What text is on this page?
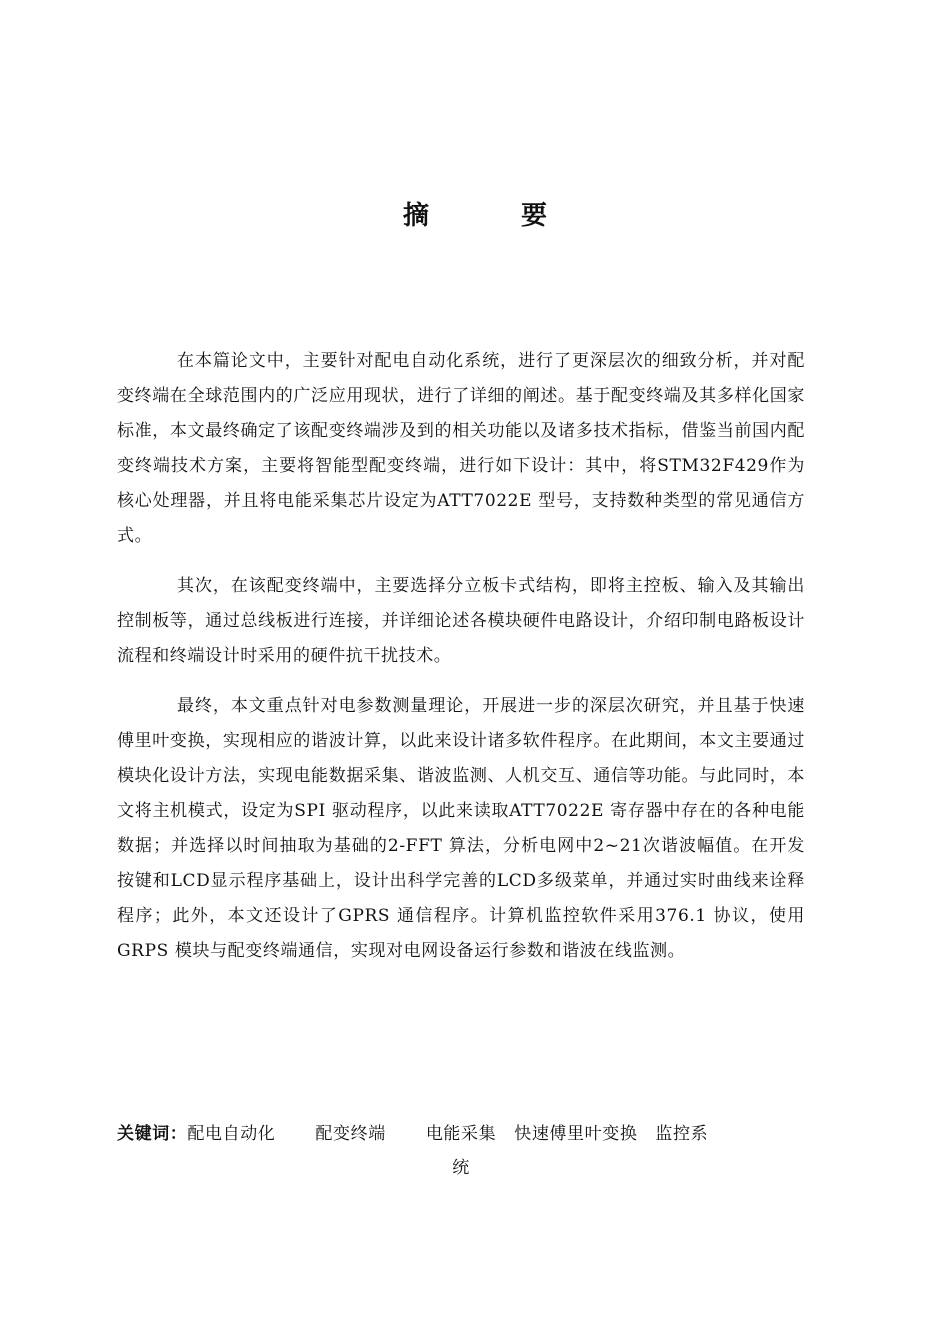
摘	要

在本篇论文中，主要针对配电自动化系统，进行了更深层次的细致分析，并对配变终端在全球范围内的广泛应用现状，进行了详细的阐述。基于配变终端及其多样化国家标准，本文最终确定了该配变终端涉及到的相关功能以及诸多技术指标，借鉴当前国内配变终端技术方案，主要将智能型配变终端，进行如下设计：其中，将STM32F429作为核心处理器，并且将电能采集芯片设定为ATT7022E 型号，支持数种类型的常见通信方式。

其次，在该配变终端中，主要选择分立板卡式结构，即将主控板、输入及其输出控制板等，通过总线板进行连接，并详细论述各模块硬件电路设计，介绍印制电路板设计流程和终端设计时采用的硬件抗干扰技术。

最终，本文重点针对电参数测量理论，开展进一步的深层次研究，并且基于快速傅里叶变换，实现相应的谐波计算，以此来设计诸多软件程序。在此期间，本文主要通过模块化设计方法，实现电能数据采集、谐波监测、人机交互、通信等功能。与此同时，本文将主机模式，设定为SPI 驱动程序，以此来读取ATT7022E 寄存器中存在的各种电能数据；并选择以时间抽取为基础的2-FFT 算法，分析电网中2~21次谐波幅值。在开发按键和LCD显示程序基础上，设计出科学完善的LCD多级菜单，并通过实时曲线来诠释程序；此外，本文还设计了GPRS 通信程序。计算机监控软件采用376.1 协议，使用GRPS 模块与配变终端通信，实现对电网设备运行参数和谐波在线监测。

关键词：配电自动化 配变终端 电能采集 快速傅里叶变换 监控系
统
